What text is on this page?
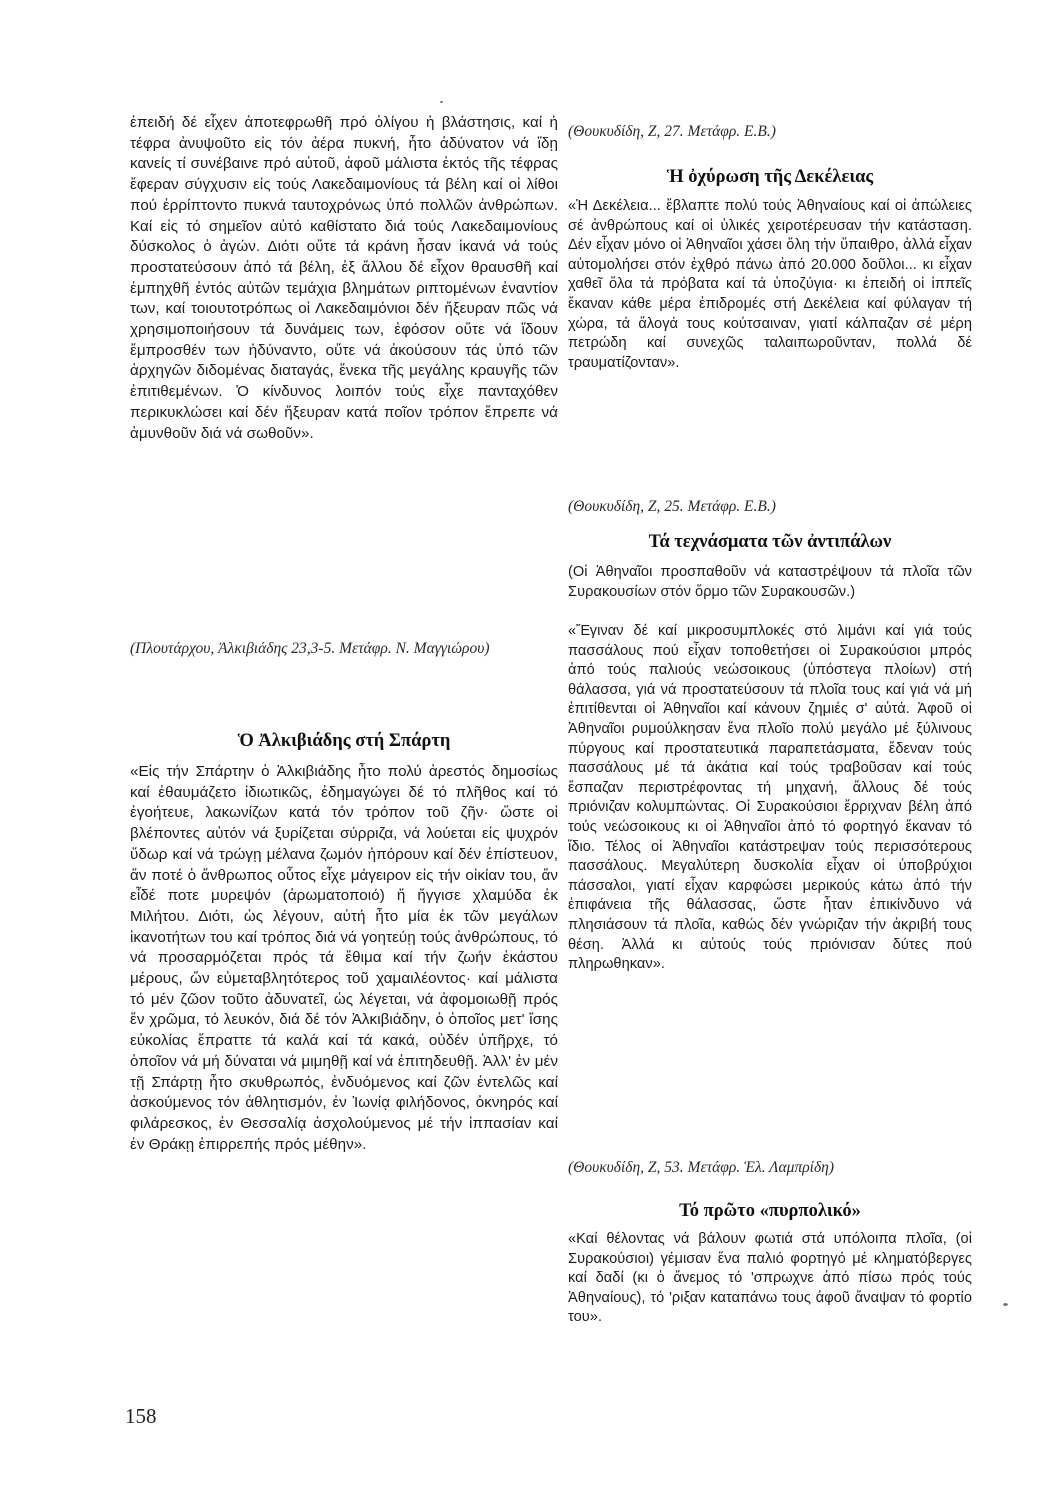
ἐπειδή δέ εἶχεν ἀποτεφρωθῆ πρό ὀλίγου ἡ βλάστησις, καί ἡ τέφρα ἀνυψοῦτο εἰς τόν ἀέρα πυκνή, ἦτο ἀδύνατον νά ἴδῃ κανείς τί συνέβαινε πρό αὐτοῦ, ἀφοῦ μάλιστα ἐκτός τῆς τέφρας ἔφεραν σύγχυσιν εἰς τούς Λακεδαιμονίους τά βέλη καί οἱ λίθοι πού ἐρρίπτοντο πυκνά ταυτοχρόνως ὑπό πολλῶν ἀνθρώπων. Καί εἰς τό σημεῖον αὐτό καθίστατο διά τούς Λακεδαιμονίους δύσκολος ὁ ἀγών. Διότι οὔτε τά κράνη ἦσαν ἱκανά νά τούς προστατεύσουν ἀπό τά βέλη, ἐξ ἄλλου δέ εἶχον θραυσθῆ καί ἐμπηχθῆ ἐντός αὐτῶν τεμάχια βλημάτων ριπτομένων ἐναντίον των, καί τοιουτοτρόπως οἱ Λακεδαιμόνιοι δέν ἤξευραν πῶς νά χρησιμοποιήσουν τά δυνάμεις των, ἐφόσον οὔτε νά ἴδουν ἔμπροσθέν των ἠδύναντο, οὔτε νά ἀκούσουν τάς ὑπό τῶν ἀρχηγῶν διδομένας διαταγάς, ἕνεκα τῆς μεγάλης κραυγῆς τῶν ἐπιτιθεμένων. Ὁ κίνδυνος λοιπόν τούς εἶχε πανταχόθεν περικυκλώσει καί δέν ἤξευραν κατά ποῖον τρόπον ἔπρεπε νά ἀμυνθοῦν διά νά σωθοῦν».

(Πλουτάρχου, Ἀλκιβιάδης 23,3-5. Μετάφρ. Ν. Μαγγιώρου)

Ὁ Ἀλκιβιάδης στή Σπάρτη

«Εἰς τήν Σπάρτην ὁ Ἀλκιβιάδης ἦτο πολύ ἀρεστός δημοσίως καί ἐθαυμάζετο ἰδιωτικῶς, ἐδημαγώγει δέ τό πλῆθος καί τό ἐγοήτευε, λακωνίζων κατά τόν τρόπον τοῦ ζῆν· ὥστε οἱ βλέποντες αὐτόν νά ξυρίζεται σύρριζα, νά λούεται εἰς ψυχρόν ὕδωρ καί νά τρώγῃ μέλανα ζωμόν ἠπόρουν καί δέν ἐπίστευον, ἄν ποτέ ὁ ἄνθρωπος οὗτος εἶχε μάγειρον εἰς τήν οἰκίαν του, ἄν εἶδέ ποτε μυρεψόν (ἀρωματοποιό) ἤ ἤγγισε χλαμύδα ἐκ Μιλήτου. Διότι, ὡς λέγουν, αὐτή ἦτο μία ἐκ τῶν μεγάλων ἱκανοτήτων του καί τρόπος διά νά γοητεύῃ τούς ἀνθρώπους, τό νά προσαρμόζεται πρός τά ἔθιμα καί τήν ζωήν ἑκάστου μέρους, ὤν εὐμεταβλητότερος τοῦ χαμαιλέοντος· καί μάλιστα τό μέν ζῶον τοῦτο ἀδυνατεῖ, ὡς λέγεται, νά ἀφομοιωθῇ πρός ἕν χρῶμα, τό λευκόν, διά δέ τόν Ἀλκιβιάδην, ὁ ὁποῖος μετ' ἴσης εὐκολίας ἔπραττε τά καλά καί τά κακά, οὐδέν ὑπῆρχε, τό ὁποῖον νά μή δύναται νά μιμηθῇ καί νά ἐπιτηδευθῇ. Ἀλλ' ἐν μέν τῇ Σπάρτῃ ἦτο σκυθρωπός, ἐνδυόμενος καί ζῶν ἐντελῶς καί ἀσκούμενος τόν ἀθλητισμόν, ἐν Ἰωνίᾳ φιλήδονος, ὀκνηρός καί φιλάρεσκος, ἐν Θεσσαλίᾳ ἀσχολούμενος μέ τήν ἱππασίαν καί ἐν Θράκῃ ἐπιρρεπής πρός μέθην».

(Θουκυδίδη, Ζ, 27. Μετάφρ. Ε.Β.)

Ἡ ὀχύρωση τῆς Δεκέλειας

«Ἡ Δεκέλεια... ἔβλαπτε πολύ τούς Ἀθηναίους καί οἱ ἀπώλειες σέ ἀνθρώπους καί οἱ ὑλικές χειροτέρευσαν τήν κατάσταση. Δέν εἶχαν μόνο οἱ Ἀθηναῖοι χάσει ὅλη τήν ὕπαιθρο, ἀλλά εἶχαν αὐτομολήσει στόν ἐχθρό πάνω ἀπό 20.000 δοῦλοι... κι εἶχαν χαθεῖ ὅλα τά πρόβατα καί τά ὑποζύγια· κι ἐπειδή οἱ ἱππεῖς ἔκαναν κάθε μέρα ἐπιδρομές στή Δεκέλεια καί φύλαγαν τή χώρα, τά ἄλογά τους κούτσαιναν, γιατί κάλπαζαν σέ μέρη πετρώδη καί συνεχῶς ταλαιπωροῦνταν, πολλά δέ τραυματίζονταν».

(Θουκυδίδη, Ζ, 25. Μετάφρ. Ε.Β.)

Τά τεχνάσματα τῶν ἀντιπάλων

(Οἱ Ἀθηναῖοι προσπαθοῦν νά καταστρέψουν τά πλοῖα τῶν Συρακουσίων στόν ὅρμο τῶν Συρακουσῶν.)

«Ἔγιναν δέ καί μικροσυμπλοκές στό λιμάνι καί γιά τούς πασσάλους πού εἶχαν τοποθετήσει οἱ Συρακούσιοι μπρός ἀπό τούς παλιούς νεώσοικους (ὑπόστεγα πλοίων) στή θάλασσα, γιά νά προστατεύσουν τά πλοῖα τους καί γιά νά μή ἐπιτίθενται οἱ Ἀθηναῖοι καί κάνουν ζημιές σ' αὐτά. Ἀφοῦ οἱ Ἀθηναῖοι ρυμούλκησαν ἕνα πλοῖο πολύ μεγάλο μέ ξύλινους πύργους καί προστατευτικά παραπετάσματα, ἔδεναν τούς πασσάλους μέ τά ἀκάτια καί τούς τραβοῦσαν καί τούς ἔσπαζαν περιστρέφοντας τή μηχανή, ἄλλους δέ τούς πριόνιζαν κολυμπώντας. Οἱ Συρακούσιοι ἔρριχναν βέλη ἀπό τούς νεώσοικους κι οἱ Ἀθηναῖοι ἀπό τό φορτηγό ἔκαναν τό ἴδιο. Τέλος οἱ Ἀθηναῖοι κατάστρεψαν τούς περισσότερους πασσάλους. Μεγαλύτερη δυσκολία εἶχαν οἱ ὑποβρύχιοι πάσσαλοι, γιατί εἶχαν καρφώσει μερικούς κάτω ἀπό τήν ἐπιφάνεια τῆς θάλασσας, ὥστε ἦταν ἐπικίνδυνο νά πλησιάσουν τά πλοῖα, καθώς δέν γνώριζαν τήν ἀκριβή τους θέση. Ἀλλά κι αὐτούς τούς πριόνισαν δύτες πού πληρωθηκαν».

(Θουκυδίδη, Ζ, 53. Μετάφρ. Ἑλ. Λαμπρίδη)

Τό πρῶτο «πυρπολικό»

«Καί θέλοντας νά βάλουν φωτιά στά υπόλοιπα πλοῖα, (οἱ Συρακούσιοι) γέμισαν ἕνα παλιό φορτηγό μέ κληματόβεργες καί δαδί (κι ὁ ἄνεμος τό 'σπρωχνε ἀπό πίσω πρός τούς Ἀθηναίους), τό 'ριξαν καταπάνω τους ἀφοῦ ἄναψαν τό φορτίο του».

158
